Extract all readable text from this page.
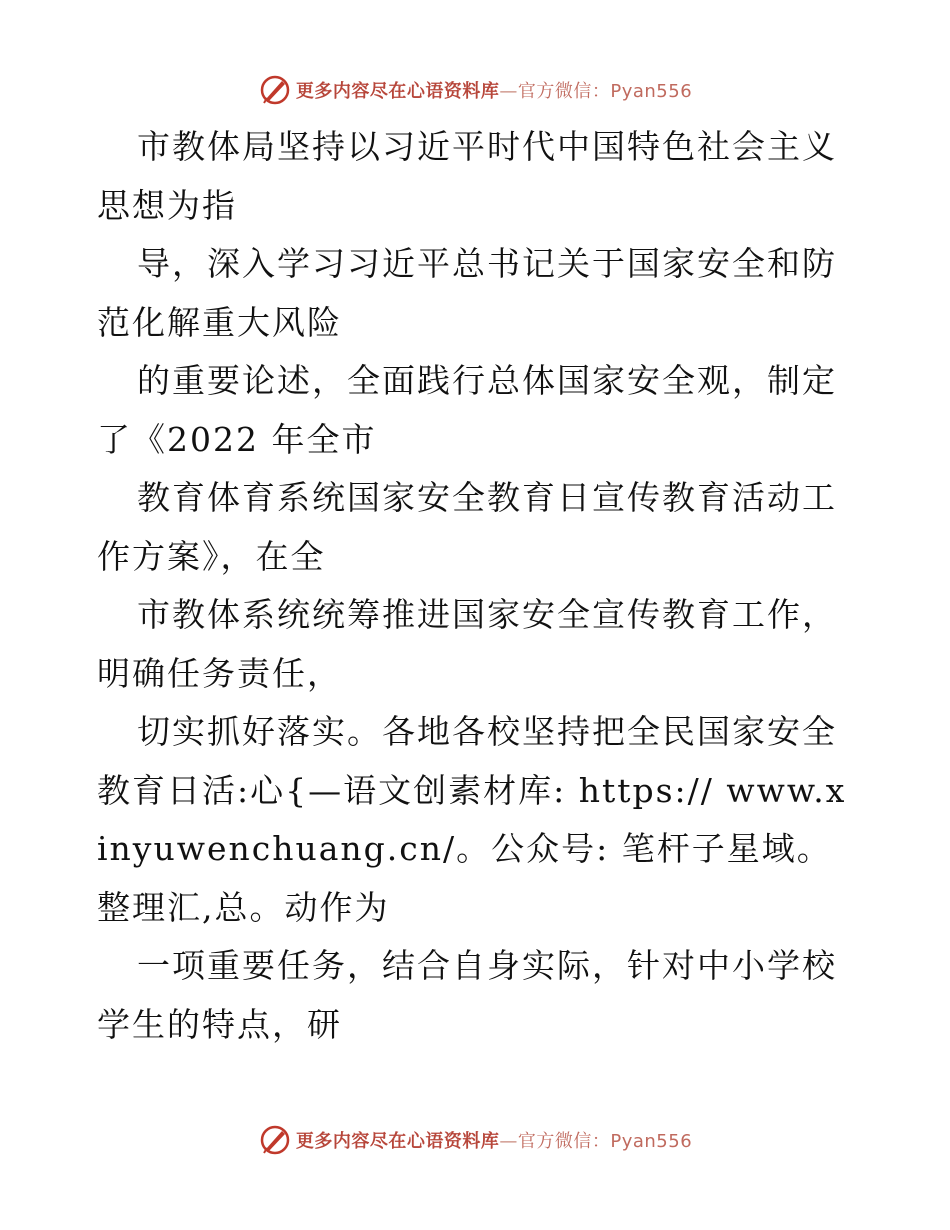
更多内容尽在心语资料库—官方微信：Pyan556

市教体局坚持以习近平时代中国特色社会主义思想为指

导，深入学习习近平总书记关于国家安全和防范化解重大风险

的重要论述，全面践行总体国家安全观，制定了《2022 年全市

教育体育系统国家安全教育日宣传教育活动工作方案》，在全

市教体系统统筹推进国家安全宣传教育工作，明确任务责任，

切实抓好落实。各地各校坚持把全民国家安全教育日活:心{—语文创素材库: https:// www.xinyuwenchuang.cn/。公众号: 笔杆子星域。整理汇,总。动作为

一项重要任务，结合自身实际，针对中小学校学生的特点，研

更多内容尽在心语资料库—官方微信：Pyan556
